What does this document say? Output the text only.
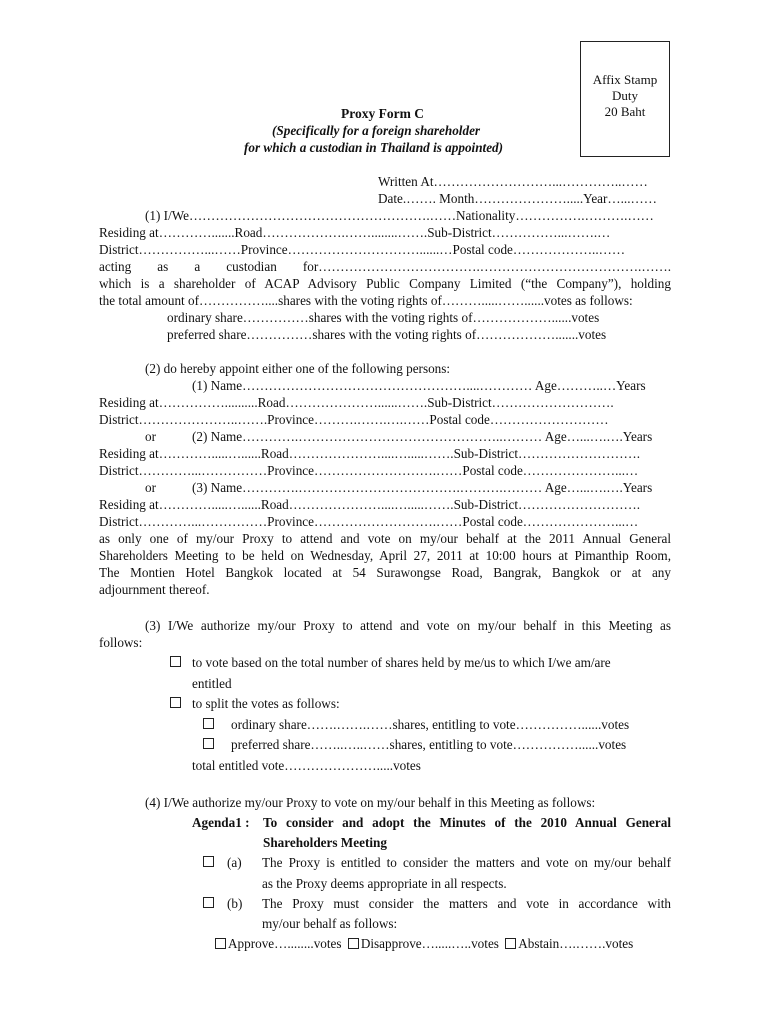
Affix Stamp
Duty
20 Baht
Proxy Form C
(Specifically for a foreign shareholder
for which a custodian in Thailand is appointed)
Written At………………………...…………..……
Date.……. Month………………….....Year…...……
(1) I/We……………………………………………….……Nationality…………….……….……
Residing at………….......Road……………….……........…….Sub-District……………...…….…
District……………...……Province…………………………......…Postal code………………..……
acting as a custodian for……………………………….……………………………….…….
which is a shareholder of ACAP Advisory Public Company Limited (“the Company”), holding
the total amount of……………....shares with the voting rights of……….....……......votes as follows:
ordinary share……………shares with the voting rights of………………......votes
preferred share……………shares with the voting rights of……………….......votes
(2) do hereby appoint either one of the following persons:
(1) Name……………………………………………....………… Age………..…Years
Residing at……………..........Road…………………......…….Sub-District……………………….
District…………………..…….Province……….…….….……Postal code………………………
or	(2) Name………….………………………………………..……… Age…...….….Years
Residing at………….....…......Road…………………....….....…….Sub-District……………………….
District…………...……………Province……………………….……Postal code…………………...…
or	(3) Name………….……………………………….……….……… Age…...….….Years
Residing at………….....…......Road…………………....….....…….Sub-District……………………….
District…………...……………Province……………………….……Postal code…………………...…
as only one of my/our Proxy to attend and vote on my/our behalf at the 2011 Annual General
Shareholders Meeting to be held on Wednesday, April 27, 2011 at 10:00 hours at Pimanthip Room,
The Montien Hotel Bangkok located at 54 Surawongse Road, Bangrak, Bangkok or at any
adjournment thereof.
(3) I/We authorize my/our Proxy to attend and vote on my/our behalf in this Meeting as
follows:
to vote based on the total number of shares held by me/us to which I/we am/are
entitled
to split the votes as follows:
ordinary share…….…….……shares, entitling to vote……………......votes
preferred share……..…..……shares, entitling to vote……………......votes
total entitled vote………………….....votes
(4) I/We authorize my/our Proxy to vote on my/our behalf in this Meeting as follows:
Agenda1 : To consider and adopt the Minutes of the 2010 Annual General
Shareholders Meeting
(a) The Proxy is entitled to consider the matters and vote on my/our behalf
as the Proxy deems appropriate in all respects.
(b) The Proxy must consider the matters and vote in accordance with
my/our behalf as follows:
Approve…........votes Disapprove….....…..votes Abstain….…….votes
